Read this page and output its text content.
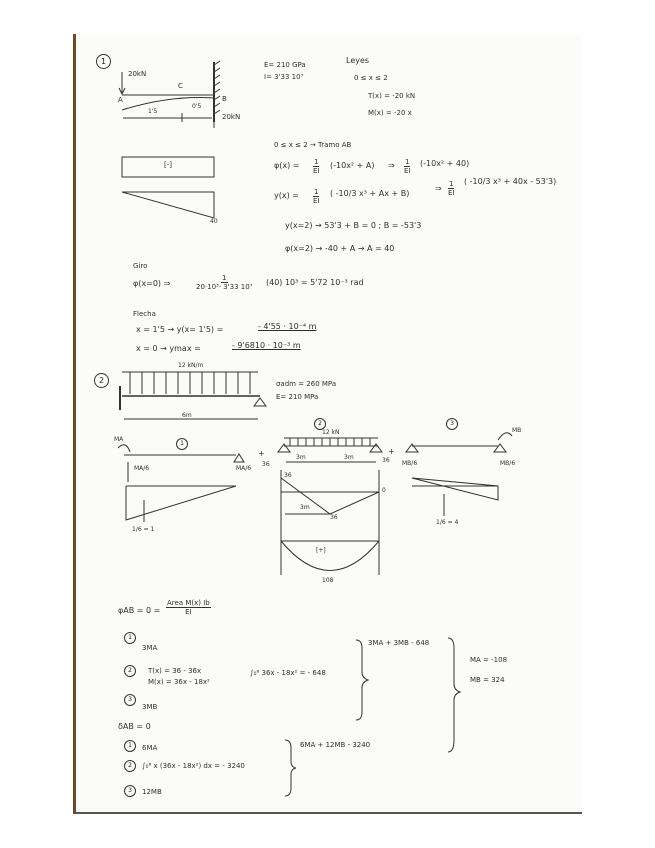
1
20kN
A
C
B
1'5
0'5
20kN
E= 210 GPa
I= 3'33 10⁷
Leyes
0 ≤ x ≤ 2
T(x) = -20 kN
M(x) = -20 x
0 ≤ x ≤ 2 → Tramo AB
$\varphi(x) = \frac{1}{EI} (-10x^2 + A)$ ⇒ $\frac{1}{EI} (-10x^2 + 40)$
$y(x) = \frac{1}{EI}$ ( -10/3 x³ + Ax + B)
⇒ $\frac{1}{EI}$ ( -10/3 x³ + 40x - 53'3)
[-]
40	y(x=2) → 53'3 + B = 0 ; B = -53'3
φ(x=2) → -40 + A → A = 40
Giro
φ(x=0) ⇒	$\frac{1}{\text{20·10³· 3'33 10⁷}} (40) 10^3 = 5'72$ 10⁻³ rad
Flecha
x = 1'5 → y(x= 1'5) =	- 4'55 · 10⁻⁴ m
x = 0 → ymax =	- 9'6810 · 10⁻³ m
2
12 kN/m
σadm = 260 MPa
E= 210 MPa
6m
1
2	3
+	+
MA
MA/6	MA/6
1/6 = 1
12 kN
3m	3m
36
36
36
36
0
3m
[+]
108
MB
MB/6	MB/6
1/6 = 4
φAB = 0 =
Area M(x) Ib
EI
1
3MA
2	T(x) = 36 - 36x
M(x) = 36x - 18x²
∫₀⁶ 36x - 18x² = - 648
3
3MB
3MA + 3MB - 648
MA = -108
MB = 324
δAB = 0
1	6MA
2	∫₀⁶ x (36x - 18x²) dx = - 3240
3	12MB
6MA + 12MB - 3240
